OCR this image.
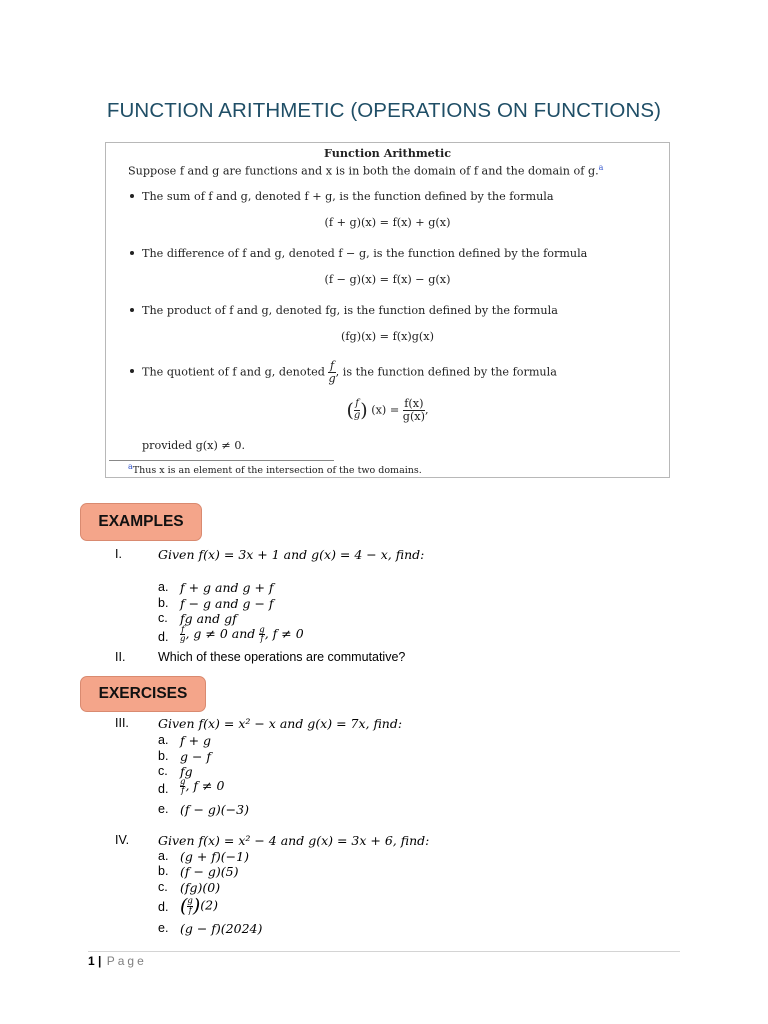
FUNCTION ARITHMETIC (OPERATIONS ON FUNCTIONS)
Function Arithmetic
Suppose f and g are functions and x is in both the domain of f and the domain of g.$^a$
The sum of f and g, denoted f + g, is the function defined by the formula
(f + g)(x) = f(x) + g(x)
The difference of f and g, denoted f − g, is the function defined by the formula
(f − g)(x) = f(x) − g(x)
The product of f and g, denoted fg, is the function defined by the formula
(fg)(x) = f(x)g(x)
The quotient of f and g, denoted $\frac{f}{g}$ , is the function defined by the formula
( $\frac{f}{g}$ ) $(x) = \frac{f(x)}{g(x)}$ ,
provided g(x) ≠ 0.
$^a$Thus x is an element of the intersection of the two domains.
EXAMPLES
I.	Given f(x) = 3x + 1 and g(x) = 4 − x, find:
a. f + g and g + f
b. f − g and g − f
c. fg and gf
d. $\frac{f}{g}$ , g ≠ 0 and $\frac{g}{f}$ , f ≠ 0
II.	Which of these operations are commutative?
EXERCISES
III. Given f(x) = x² − x and g(x) = 7x, find:
a. f + g
b. g − f
c. fg
d. $\frac{g}{f}$ , f ≠ 0
e. (f − g)(−3)
IV. Given f(x) = x² − 4 and g(x) = 3x + 6, find:
a. (g + f)(−1)
b. (f − g)(5)
c. (fg)(0)
d. ( $\frac{g}{f} )(2)$
e. (g − f)(2024)
1 | Page
